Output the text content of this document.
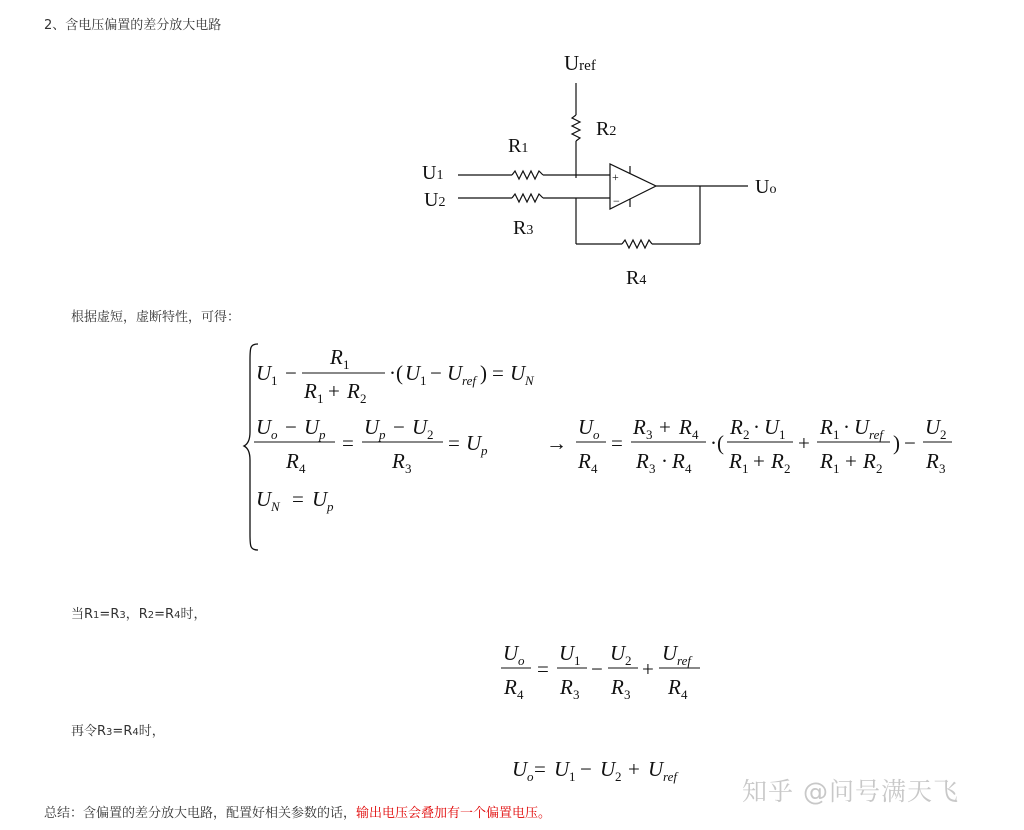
2、含电压偏置的差分放大电路
Uref
R2
R1
U1
U2
R3
R4
Uo
+
−
根据虚短，虚断特性，可得：
U 1 −
R 1
R 1 + R 2
·( U 1 − U ref ) = U N
U o − U p
R 4
=
U p − U 2
R 3
= U p
U N = U p
→
U o
R 4
=
R 3 + R 4
R 3 · R 4
·(
R 2 · U 1
R 1 + R 2
+
R 1 · U ref
R 1 + R 2
) −
U 2
R 3
当R1=R3，R2=R4时，
U o
R 4
=
U 1
R 3
−
U 2
R 3
+
U ref
R 4
再令R3=R4时，
U o = U 1 − U 2 + U ref
总结：含偏置的差分放大电路，配置好相关参数的话，输出电压会叠加有一个偏置电压。
知乎 @问号满天飞
